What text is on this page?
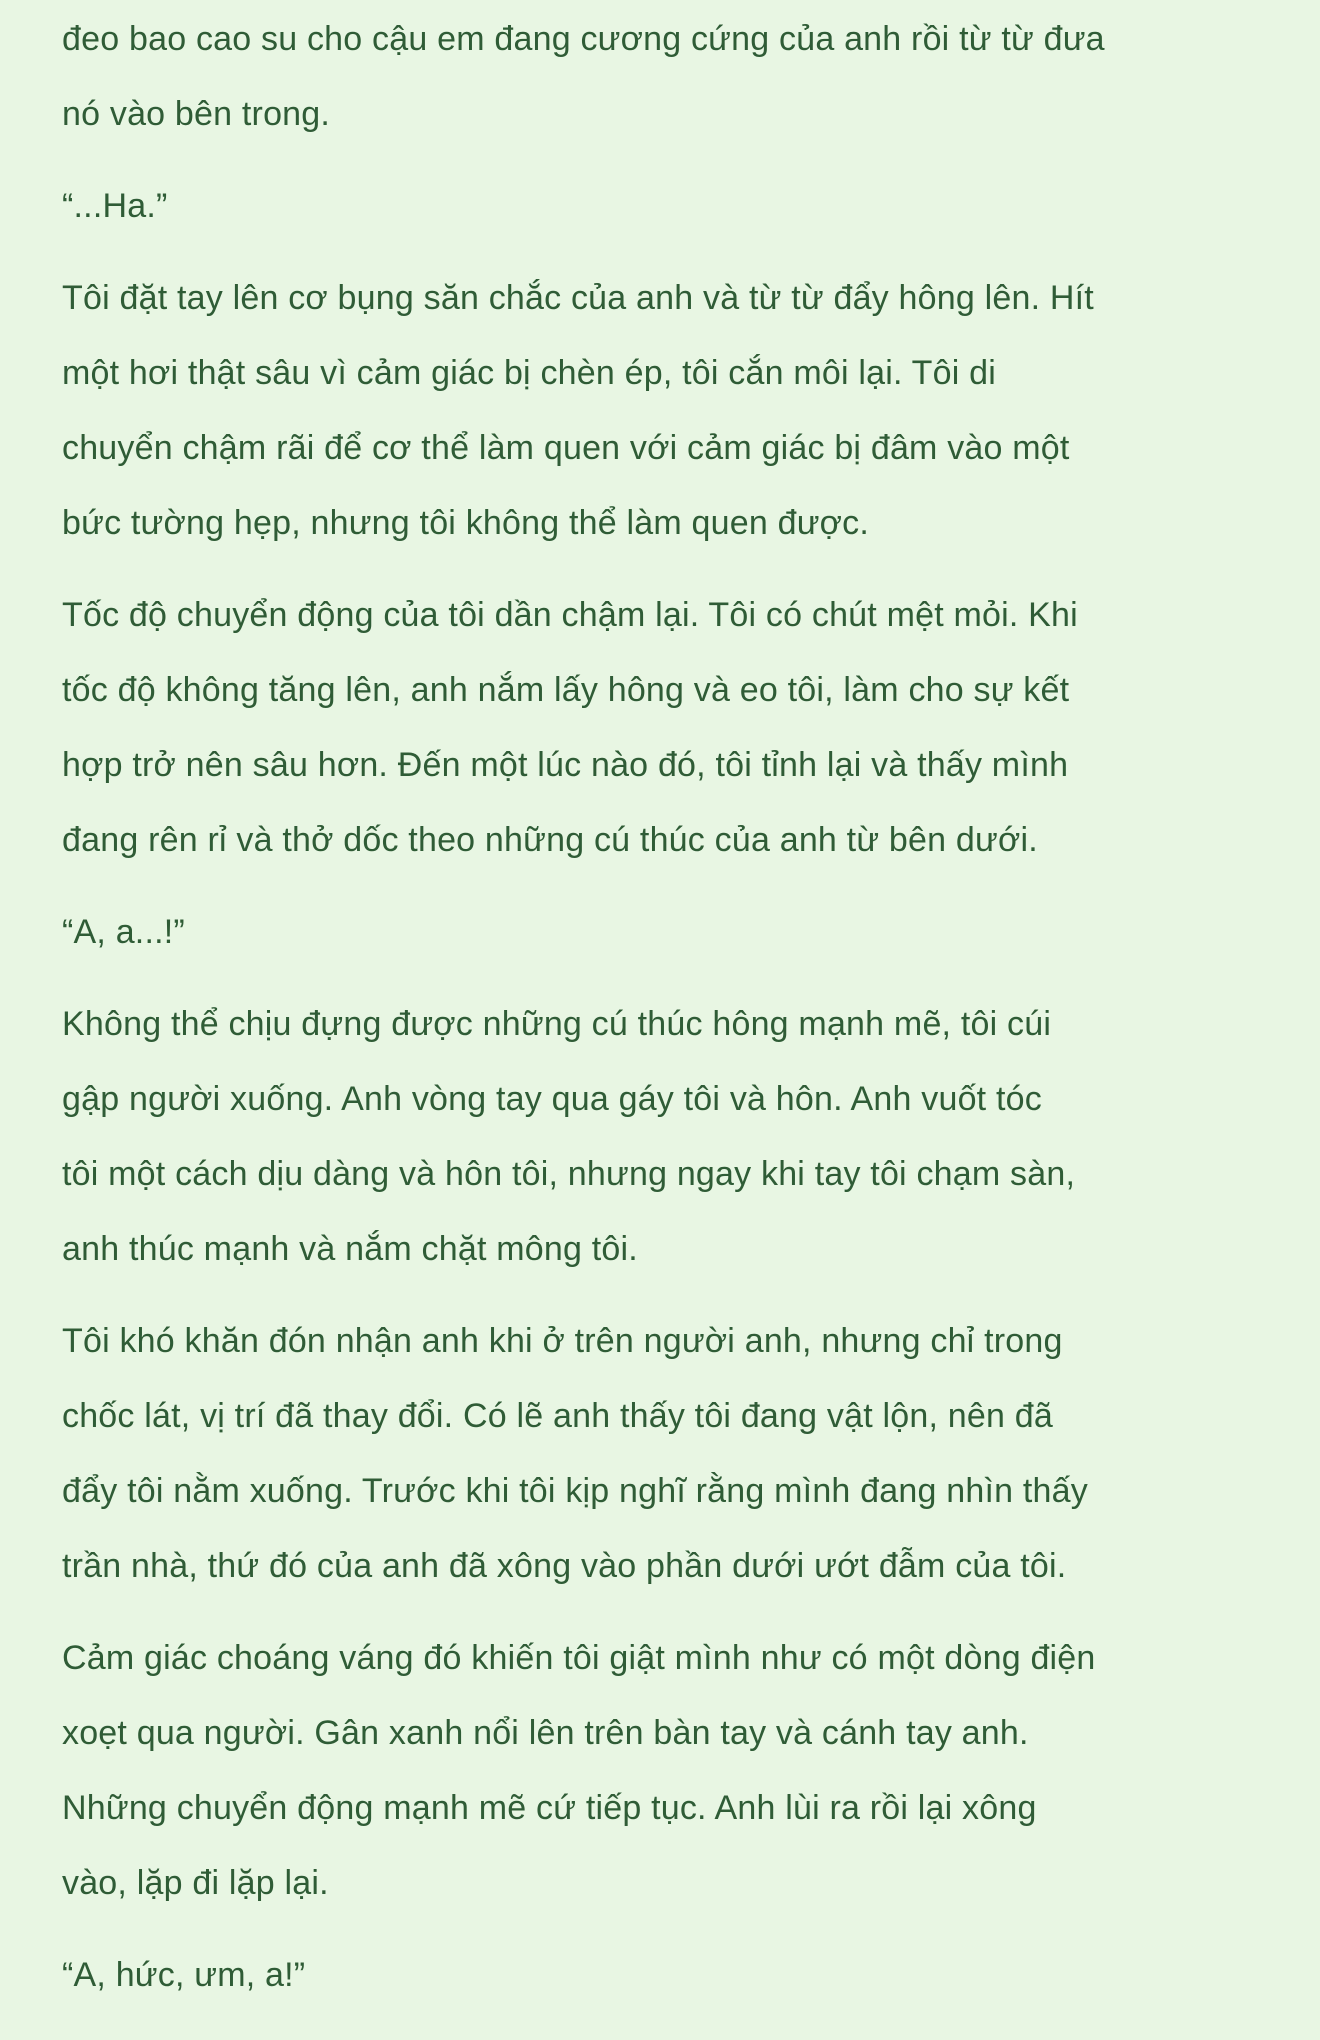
đeo bao cao su cho cậu em đang cương cứng của anh rồi từ từ đưa
nó vào bên trong.
“...Ha.”
Tôi đặt tay lên cơ bụng săn chắc của anh và từ từ đẩy hông lên. Hít
một hơi thật sâu vì cảm giác bị chèn ép, tôi cắn môi lại. Tôi di
chuyển chậm rãi để cơ thể làm quen với cảm giác bị đâm vào một
bức tường hẹp, nhưng tôi không thể làm quen được.
Tốc độ chuyển động của tôi dần chậm lại. Tôi có chút mệt mỏi. Khi
tốc độ không tăng lên, anh nắm lấy hông và eo tôi, làm cho sự kết
hợp trở nên sâu hơn. Đến một lúc nào đó, tôi tỉnh lại và thấy mình
đang rên rỉ và thở dốc theo những cú thúc của anh từ bên dưới.
“A, a...!”
Không thể chịu đựng được những cú thúc hông mạnh mẽ, tôi cúi
gập người xuống. Anh vòng tay qua gáy tôi và hôn. Anh vuốt tóc
tôi một cách dịu dàng và hôn tôi, nhưng ngay khi tay tôi chạm sàn,
anh thúc mạnh và nắm chặt mông tôi.
Tôi khó khăn đón nhận anh khi ở trên người anh, nhưng chỉ trong
chốc lát, vị trí đã thay đổi. Có lẽ anh thấy tôi đang vật lộn, nên đã
đẩy tôi nằm xuống. Trước khi tôi kịp nghĩ rằng mình đang nhìn thấy
trần nhà, thứ đó của anh đã xông vào phần dưới ướt đẫm của tôi.
Cảm giác choáng váng đó khiến tôi giật mình như có một dòng điện
xoẹt qua người. Gân xanh nổi lên trên bàn tay và cánh tay anh.
Những chuyển động mạnh mẽ cứ tiếp tục. Anh lùi ra rồi lại xông
vào, lặp đi lặp lại.
“A, hức, ưm, a!”
